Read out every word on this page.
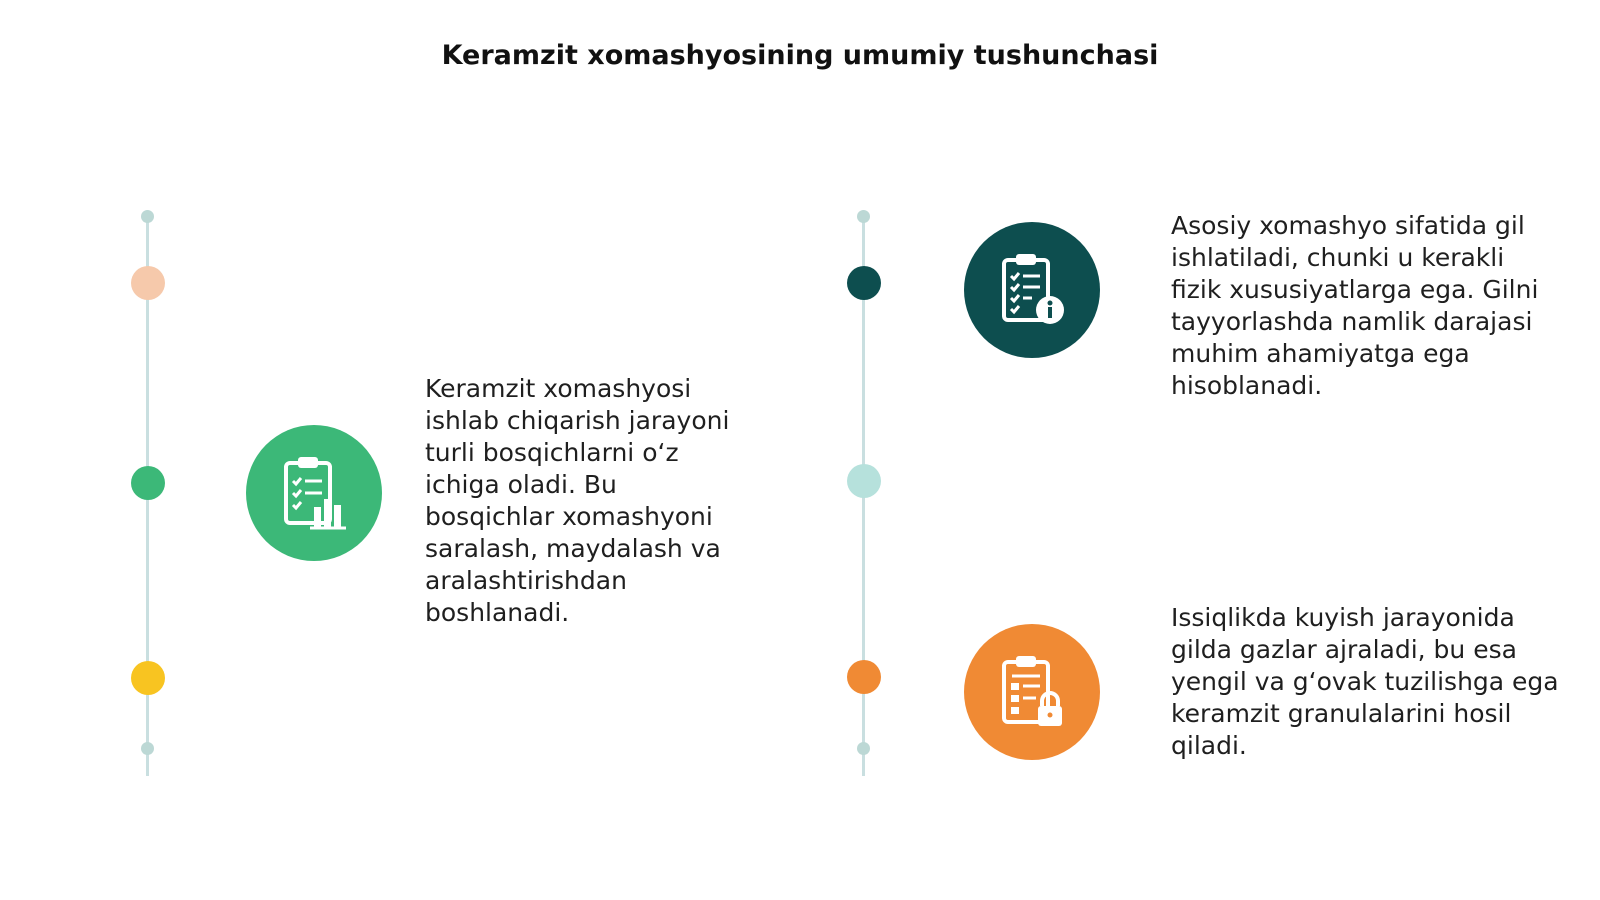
Keramzit xomashyosining umumiy tushunchasi
Keramzit xomashyosi ishlab chiqarish jarayoni turli bosqichlarni o‘z ichiga oladi. Bu bosqichlar xomashyoni saralash, maydalash va aralashtirishdan boshlanadi.
Asosiy xomashyo sifatida gil ishlatiladi, chunki u kerakli fizik xususiyatlarga ega. Gilni tayyorlashda namlik darajasi muhim ahamiyatga ega hisoblanadi.
Issiqlikda kuyish jarayonida gilda gazlar ajraladi, bu esa yengil va g‘ovak tuzilishga ega keramzit granulalarini hosil qiladi.
